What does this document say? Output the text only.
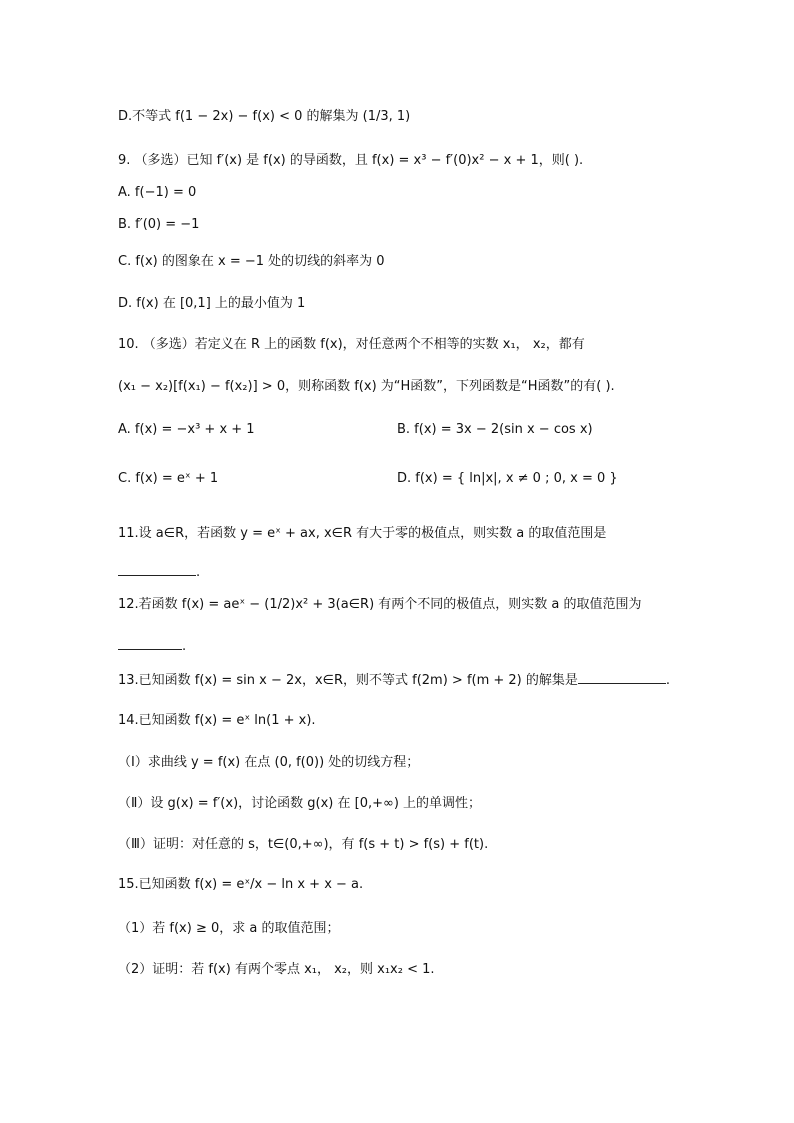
D.不等式 f(1 − 2x) − f(x) < 0 的解集为 (1/3, 1)
9. （多选）已知 f′(x) 是 f(x) 的导函数，且 f(x) = x³ − f′(0)x² − x + 1，则( ).
A. f(−1) = 0
B. f′(0) = −1
C. f(x) 的图象在 x = −1 处的切线的斜率为 0
D. f(x) 在 [0,1] 上的最小值为 1
10. （多选）若定义在 R 上的函数 f(x)，对任意两个不相等的实数 x₁， x₂，都有
(x₁ − x₂)[f(x₁) − f(x₂)] > 0，则称函数 f(x) 为“H函数”，下列函数是“H函数”的有( ).
A. f(x) = −x³ + x + 1	B. f(x) = 3x − 2(sin x − cos x)
C. f(x) = eˣ + 1	D. f(x) = { ln|x|, x ≠ 0 ; 0, x = 0 }
11.设 a∈R，若函数 y = eˣ + ax, x∈R 有大于零的极值点，则实数 a 的取值范围是
.
12.若函数 f(x) = aeˣ − (1/2)x² + 3(a∈R) 有两个不同的极值点，则实数 a 的取值范围为
.
13.已知函数 f(x) = sin x − 2x，x∈R，则不等式 f(2m) > f(m + 2) 的解集是	.
14.已知函数 f(x) = eˣ ln(1 + x).
（Ⅰ）求曲线 y = f(x) 在点 (0, f(0)) 处的切线方程；
（Ⅱ）设 g(x) = f′(x)，讨论函数 g(x) 在 [0,+∞) 上的单调性；
（Ⅲ）证明：对任意的 s，t∈(0,+∞)，有 f(s + t) > f(s) + f(t).
15.已知函数 f(x) = eˣ/x − ln x + x − a.
（1）若 f(x) ≥ 0，求 a 的取值范围；
（2）证明：若 f(x) 有两个零点 x₁， x₂，则 x₁x₂ < 1.
